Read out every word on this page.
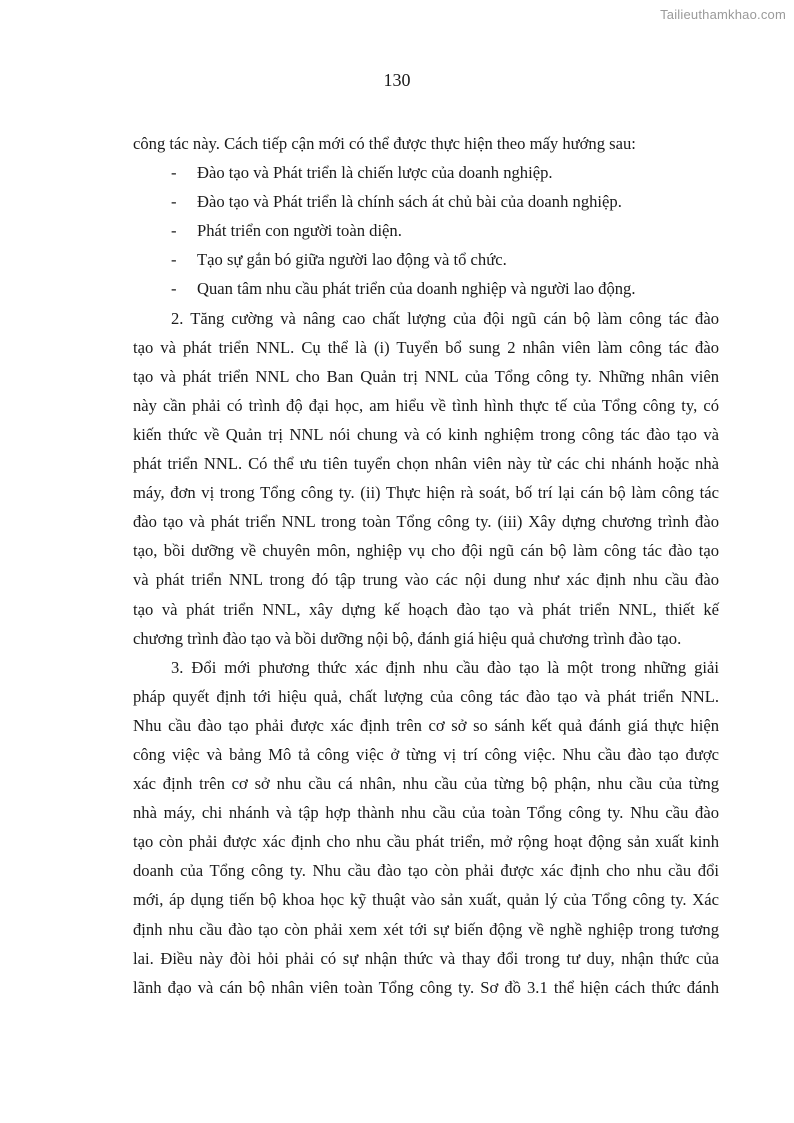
Tailieuthamkhao.com
130
công tác này. Cách tiếp cận mới có thể được thực hiện theo mấy hướng sau:
- Đào tạo và Phát triển là chiến lược của doanh nghiệp.
- Đào tạo và Phát triển là chính sách át chủ bài của doanh nghiệp.
- Phát triển con người toàn diện.
- Tạo sự gắn bó giữa người lao động và tổ chức.
- Quan tâm nhu cầu phát triển của doanh nghiệp và người lao động.
2. Tăng cường và nâng cao chất lượng của đội ngũ cán bộ làm công tác đào
tạo và phát triển NNL. Cụ thể là (i) Tuyển bổ sung 2 nhân viên làm công tác đào
tạo và phát triển NNL cho Ban Quản trị NNL của Tổng công ty. Những nhân viên
này cần phải có trình độ đại học, am hiểu về tình hình thực tế của Tổng công ty, có
kiến thức về Quản trị NNL nói chung và có kinh nghiệm trong công tác đào tạo và
phát triển NNL. Có thể ưu tiên tuyển chọn nhân viên này từ các chi nhánh hoặc nhà
máy, đơn vị trong Tổng công ty. (ii) Thực hiện rà soát, bố trí lại cán bộ làm công tác
đào tạo và phát triển NNL trong toàn Tổng công ty. (iii) Xây dựng chương trình đào
tạo, bồi dưỡng về chuyên môn, nghiệp vụ cho đội ngũ cán bộ làm công tác đào tạo
và phát triển NNL trong đó tập trung vào các nội dung như xác định nhu cầu đào
tạo và phát triển NNL, xây dựng kế hoạch đào tạo và phát triển NNL, thiết kế
chương trình đào tạo và bồi dưỡng nội bộ, đánh giá hiệu quả chương trình đào tạo.
3. Đổi mới phương thức xác định nhu cầu đào tạo là một trong những giải
pháp quyết định tới hiệu quả, chất lượng của công tác đào tạo và phát triển NNL.
Nhu cầu đào tạo phải được xác định trên cơ sở so sánh kết quả đánh giá thực hiện
công việc và bảng Mô tả công việc ở từng vị trí công việc. Nhu cầu đào tạo được
xác định trên cơ sở nhu cầu cá nhân, nhu cầu của từng bộ phận, nhu cầu của từng
nhà máy, chi nhánh và tập hợp thành nhu cầu của toàn Tổng công ty. Nhu cầu đào
tạo còn phải được xác định cho nhu cầu phát triển, mở rộng hoạt động sản xuất kinh
doanh của Tổng công ty. Nhu cầu đào tạo còn phải được xác định cho nhu cầu đổi
mới, áp dụng tiến bộ khoa học kỹ thuật vào sản xuất, quản lý của Tổng công ty. Xác
định nhu cầu đào tạo còn phải xem xét tới sự biến động về nghề nghiệp trong tương
lai. Điều này đòi hỏi phải có sự nhận thức và thay đổi trong tư duy, nhận thức của
lãnh đạo và cán bộ nhân viên toàn Tổng công ty. Sơ đồ 3.1 thể hiện cách thức đánh
